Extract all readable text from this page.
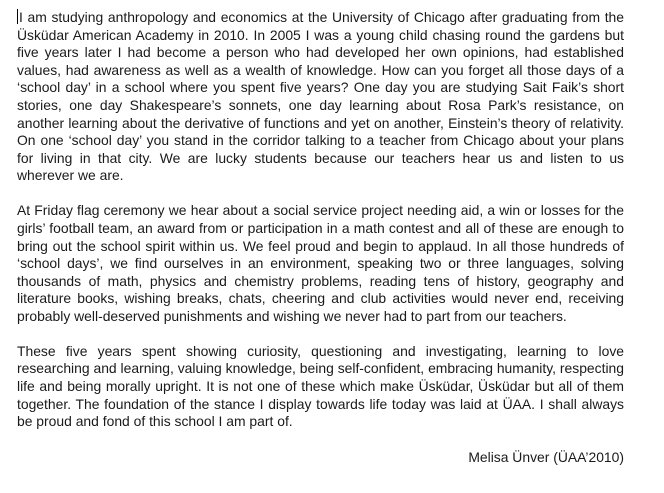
I am studying anthropology and economics at the University of Chicago after graduating from the Üsküdar American Academy in 2010. In 2005 I was a young child chasing round the gardens but five years later I had become a person who had developed her own opinions, had established values, had awareness as well as a wealth of knowledge. How can you forget all those days of a ‘school day’ in a school where you spent five years? One day you are studying Sait Faik’s short stories, one day Shakespeare’s sonnets, one day learning about Rosa Park’s resistance, on another learning about the derivative of functions and yet on another, Einstein’s theory of relativity. On one ‘school day’ you stand in the corridor talking to a teacher from Chicago about your plans for living in that city. We are lucky students because our teachers hear us and listen to us wherever we are.

At Friday flag ceremony we hear about a social service project needing aid, a win or losses for the girls’ football team, an award from or participation in a math contest and all of these are enough to bring out the school spirit within us. We feel proud and begin to applaud. In all those hundreds of ‘school days’, we find ourselves in an environment, speaking two or three languages, solving thousands of math, physics and chemistry problems, reading tens of history, geography and literature books, wishing breaks, chats, cheering and club activities would never end, receiving probably well-deserved punishments and wishing we never had to part from our teachers.

These five years spent showing curiosity, questioning and investigating, learning to love researching and learning, valuing knowledge, being self-confident, embracing humanity, respecting life and being morally upright. It is not one of these which make Üsküdar, Üsküdar but all of them together. The foundation of the stance I display towards life today was laid at ÜAA. I shall always be proud and fond of this school I am part of.

Melisa Ünver (ÜAA’2010)
